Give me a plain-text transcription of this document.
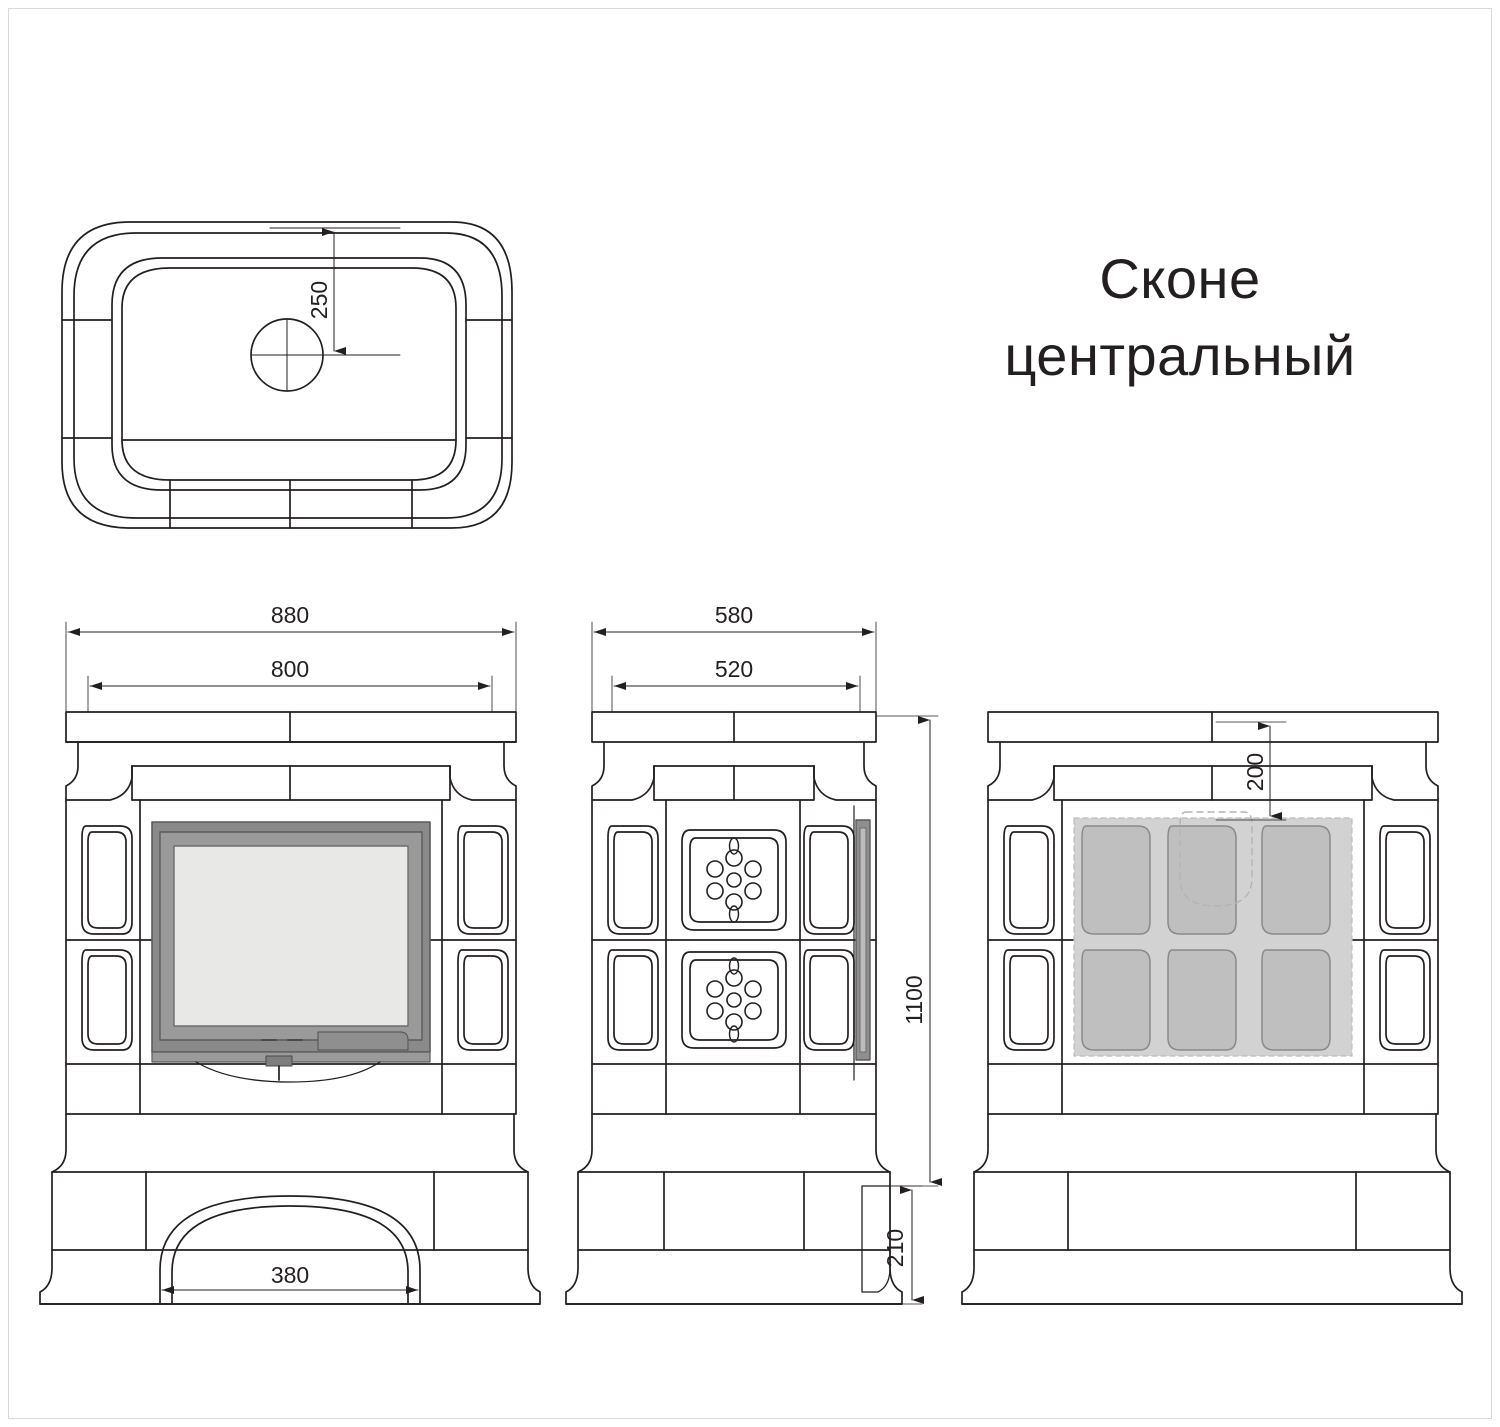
Сконе
центральный
250
880
800
380
580
520
1100
210
200
